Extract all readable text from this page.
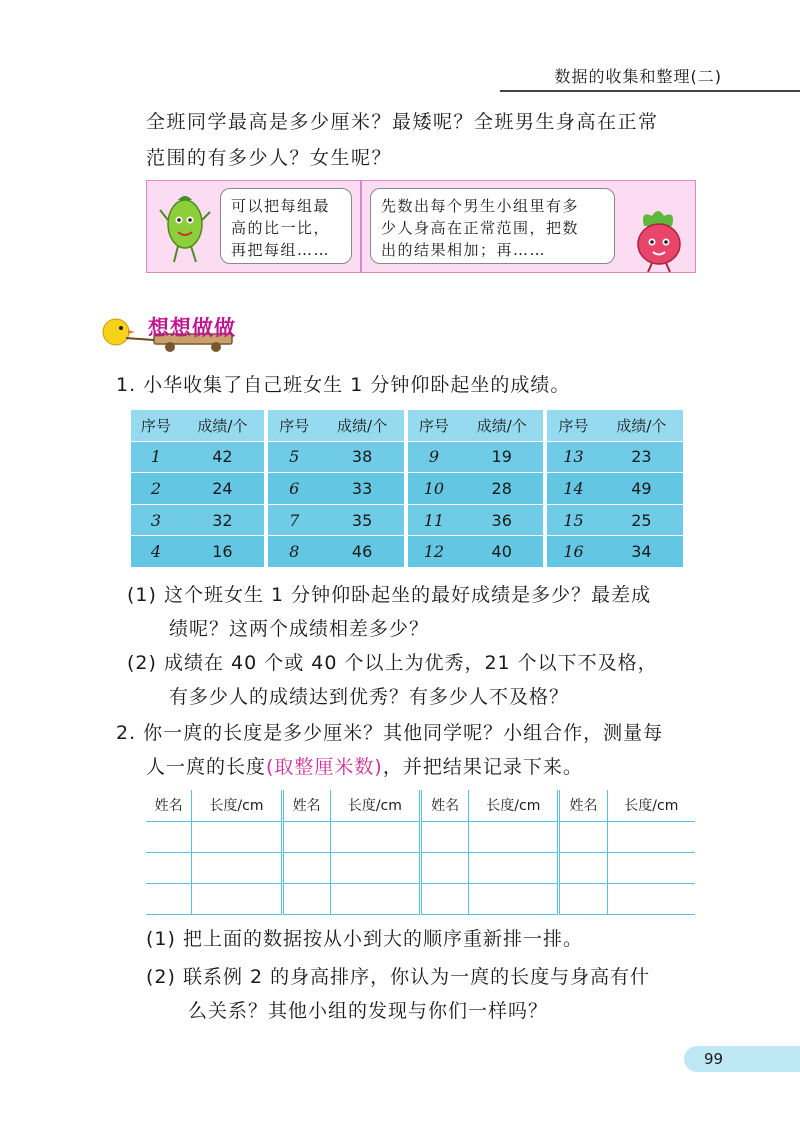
数据的收集和整理(二)
全班同学最高是多少厘米？最矮呢？全班男生身高在正常
范围的有多少人？女生呢？
可以把每组最
高的比一比，
再把每组……
先数出每个男生小组里有多
少人身高在正常范围，把数
出的结果相加；再……
想想做做
1. 小华收集了自己班女生 1 分钟仰卧起坐的成绩。
序号	成绩/个	序号	成绩/个	序号	成绩/个	序号	成绩/个
1	42	5	38	9	19	13	23
2	24	6	33	10	28	14	49
3	32	7	35	11	36	15	25
4	16	8	46	12	40	16	34
(1) 这个班女生 1 分钟仰卧起坐的最好成绩是多少？最差成
绩呢？这两个成绩相差多少？
(2) 成绩在 40 个或 40 个以上为优秀，21 个以下不及格，
有多少人的成绩达到优秀？有多少人不及格？
2. 你一庹的长度是多少厘米？其他同学呢？小组合作，测量每
人一庹的长度(取整厘米数)，并把结果记录下来。
姓名	长度/cm	姓名	长度/cm	姓名	长度/cm	姓名	长度/cm

(1) 把上面的数据按从小到大的顺序重新排一排。
(2) 联系例 2 的身高排序，你认为一庹的长度与身高有什
么关系？其他小组的发现与你们一样吗？
99
